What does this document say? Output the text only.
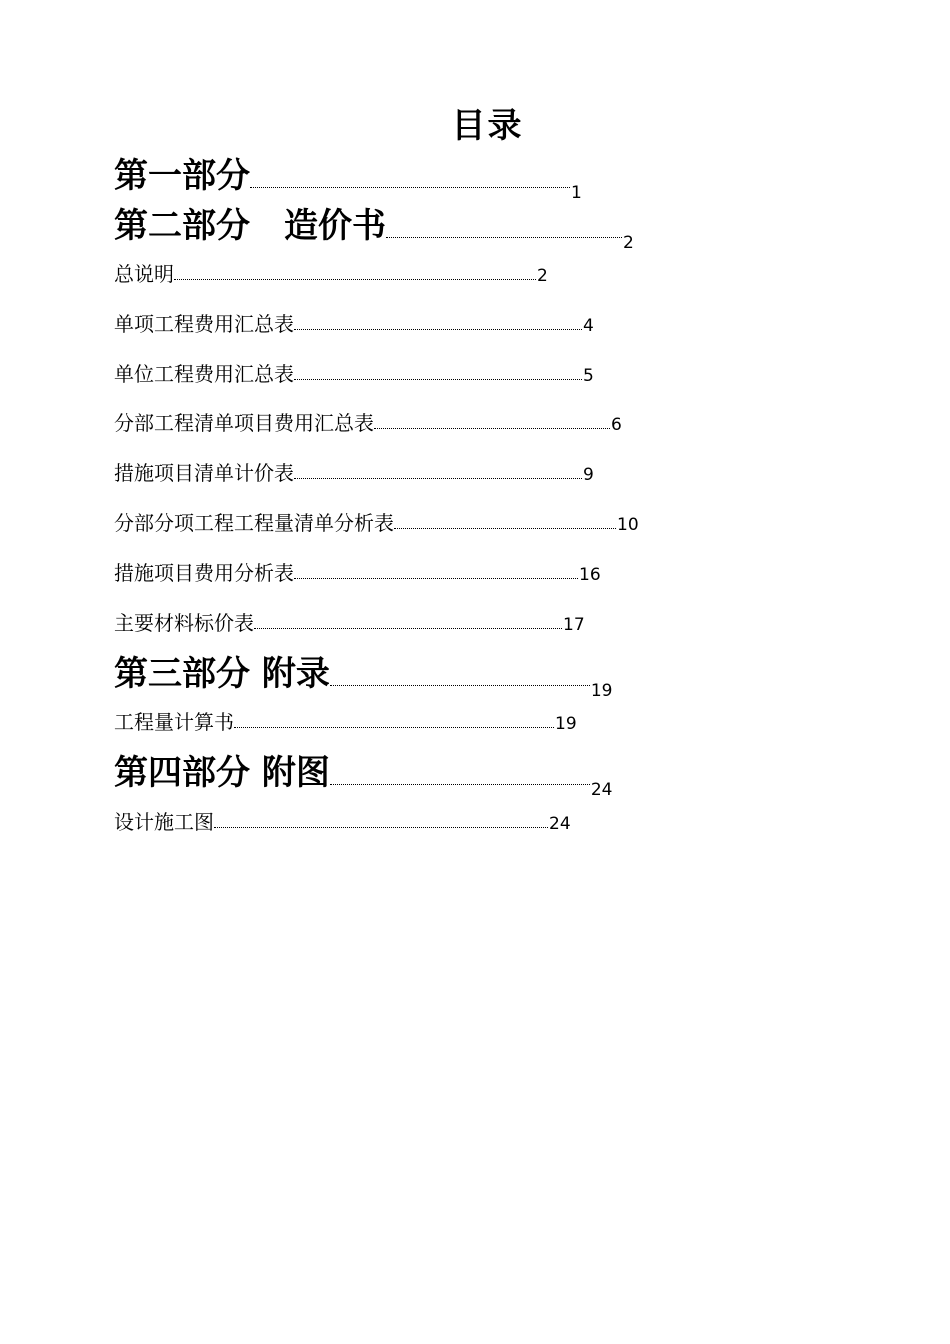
目录
第一部分	1
第二部分　造价书	2
总说明	2
单项工程费用汇总表	4
单位工程费用汇总表	5
分部工程清单项目费用汇总表	6
措施项目清单计价表	9
分部分项工程工程量清单分析表	10
措施项目费用分析表	16
主要材料标价表	17
第三部分 附录	19
工程量计算书	19
第四部分 附图	24
设计施工图	24
